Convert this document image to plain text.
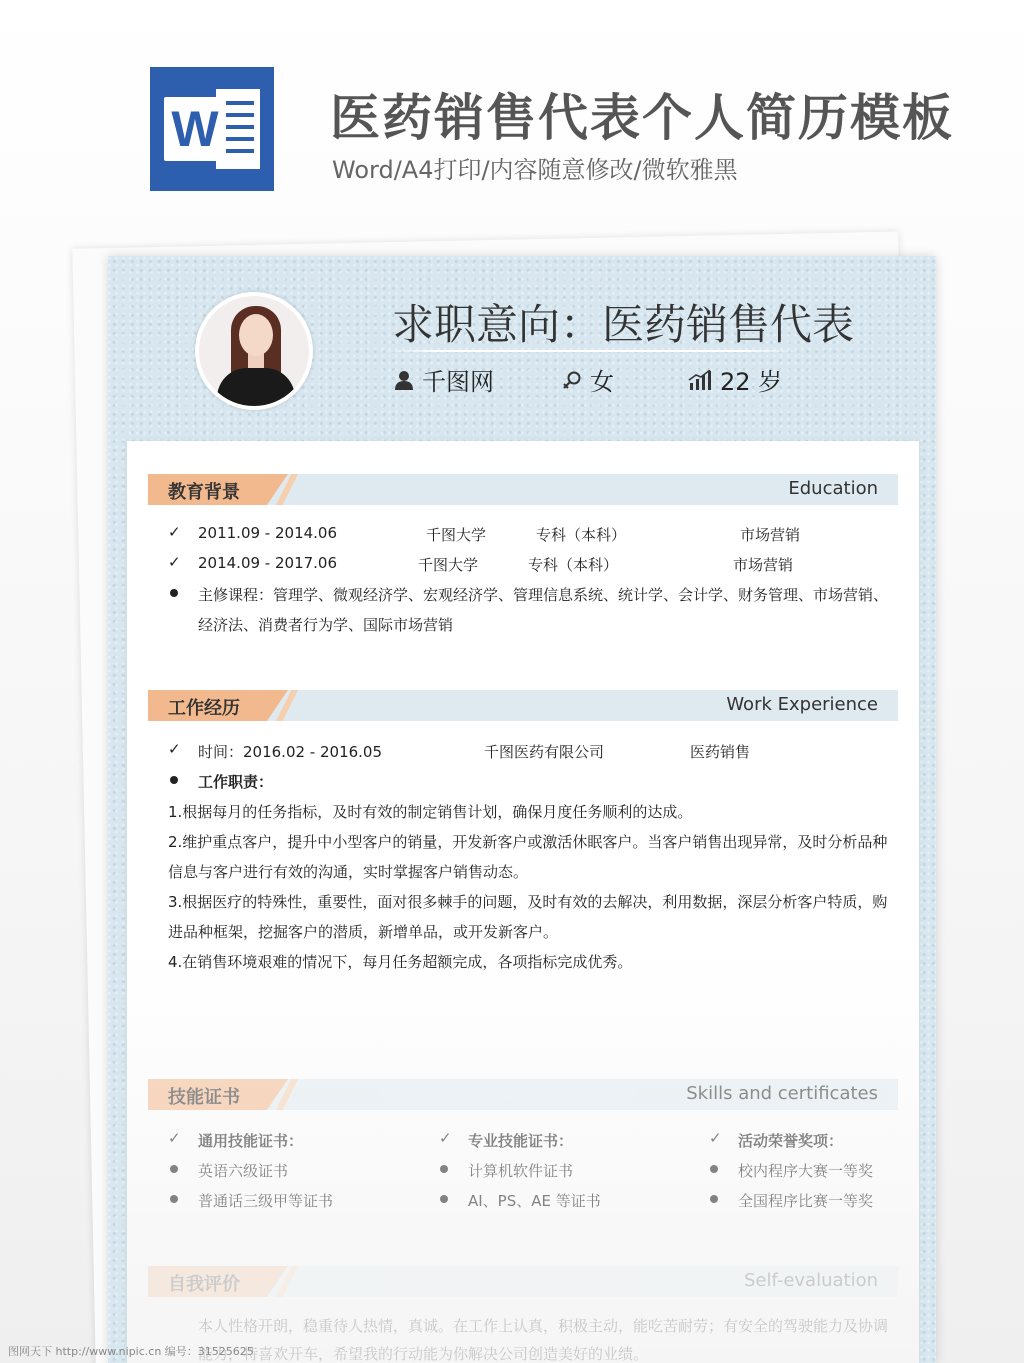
W 医药销售代表个人简历模板
Word/A4打印/内容随意修改/微软雅黑
求职意向：医药销售代表
千图网	女	22 岁
教育背景	Education
✓ 2011.09 - 2014.06	千图大学	专科（本科）	市场营销
✓ 2014.09 - 2017.06	千图大学	专科（本科）	市场营销
主修课程：管理学、微观经济学、宏观经济学、管理信息系统、统计学、会计学、财务管理、市场营销、
经济法、消费者行为学、国际市场营销
工作经历	Work Experience
✓ 时间：2016.02 - 2016.05	千图医药有限公司	医药销售
工作职责：
1.根据每月的任务指标，及时有效的制定销售计划，确保月度任务顺利的达成。
2.维护重点客户，提升中小型客户的销量，开发新客户或激活休眠客户。当客户销售出现异常，及时分析品种
信息与客户进行有效的沟通，实时掌握客户销售动态。
3.根据医疗的特殊性，重要性，面对很多棘手的问题，及时有效的去解决，利用数据，深层分析客户特质，购
进品种框架，挖掘客户的潜质，新增单品，或开发新客户。
4.在销售环境艰难的情况下，每月任务超额完成，各项指标完成优秀。
技能证书	Skills and certificates
✓ 通用技能证书：
英语六级证书
普通话三级甲等证书
✓ 专业技能证书：
计算机软件证书
AI、PS、AE 等证书
✓ 活动荣誉奖项：
校内程序大赛一等奖
全国程序比赛一等奖
自我评价	Self-evaluation
本人性格开朗，稳重待人热情，真诚。在工作上认真，积极主动，能吃苦耐劳；有安全的驾驶能力及协调
能力，特喜欢开车，希望我的行动能为你解决公司创造美好的业绩。
图网天下 http://www.nipic.cn 编号：31525625
